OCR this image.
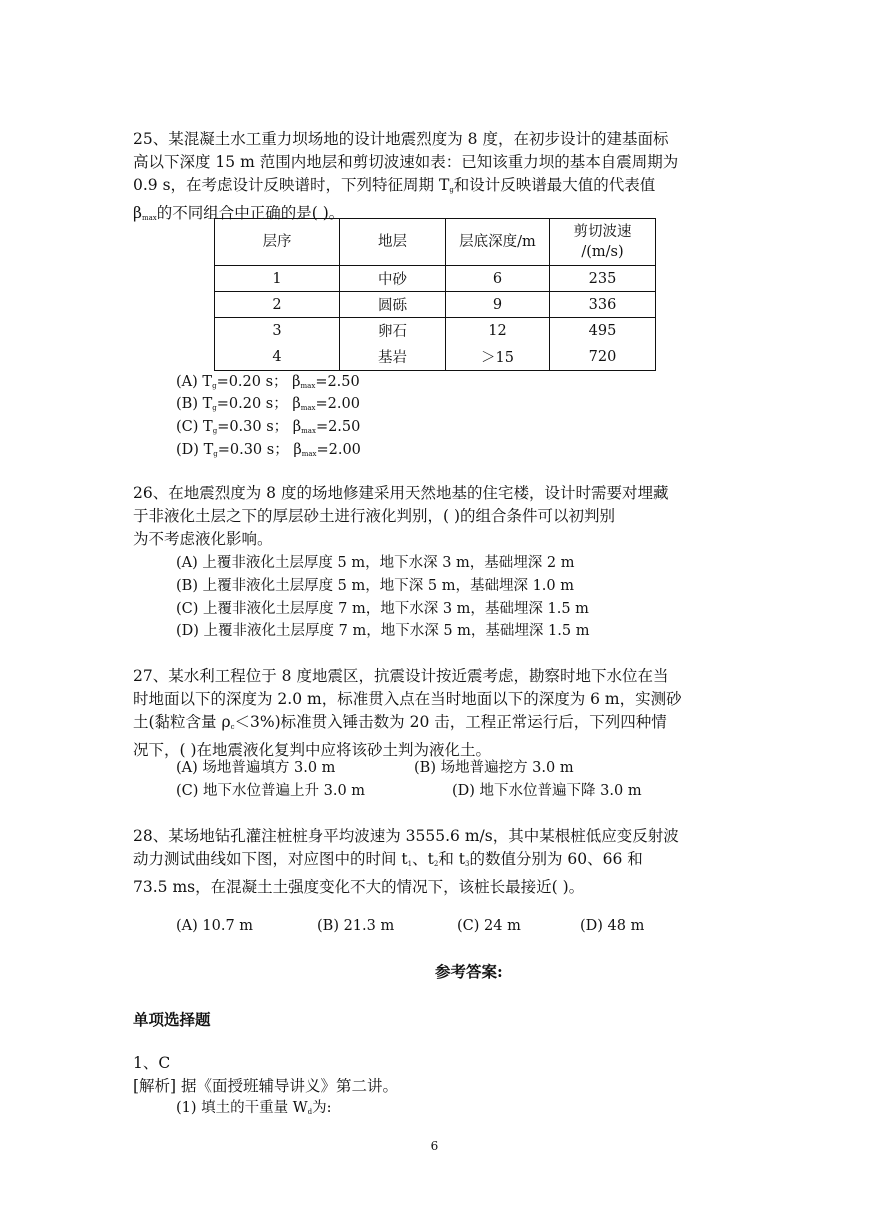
25、某混凝土水工重力坝场地的设计地震烈度为 8 度，在初步设计的建基面标

高以下深度 15 m 范围内地层和剪切波速如表：已知该重力坝的基本自震周期为

0.9 s，在考虑设计反映谱时，下列特征周期 $T_g$和设计反映谱最大值的代表值

$\beta_{max}$的不同组合中正确的是( )。

层序	地层	层底深度/m	剪切波速
/(m/s)
1	中砂	6	235
2	圆砾	9	336
3	卵石	12	495
4	基岩	＞15	720
(A) $T_g=0.20$ s； $\beta_{max}=2.50$
(B) $T_g=0.20$ s； $\beta_{max}=2.00$
(C) $T_g=0.30$ s； $\beta_{max}=2.50$
(D) $T_g=0.30$ s； $\beta_{max}=2.00$

26、在地震烈度为 8 度的场地修建采用天然地基的住宅楼，设计时需要对埋藏

于非液化土层之下的厚层砂土进行液化判别，( )的组合条件可以初判别

为不考虑液化影响。

(A) 上覆非液化土层厚度 5 m，地下水深 3 m，基础埋深 2 m
(B) 上覆非液化土层厚度 5 m，地下深 5 m，基础埋深 1.0 m
(C) 上覆非液化土层厚度 7 m，地下水深 3 m，基础埋深 1.5 m
(D) 上覆非液化土层厚度 7 m，地下水深 5 m，基础埋深 1.5 m

27、某水利工程位于 8 度地震区，抗震设计按近震考虑，勘察时地下水位在当

时地面以下的深度为 2.0 m，标准贯入点在当时地面以下的深度为 6 m，实测砂

土(黏粒含量 $\rho_c<3\%$)标准贯入锤击数为 20 击，工程正常运行后，下列四种情

况下，( )在地震液化复判中应将该砂土判为液化土。

(A) 场地普遍填方 3.0 m	(B) 场地普遍挖方 3.0 m
(C) 地下水位普遍上升 3.0 m	(D) 地下水位普遍下降 3.0 m

28、某场地钻孔灌注桩桩身平均波速为 3555.6 m/s，其中某根桩低应变反射波

动力测试曲线如下图，对应图中的时间 $t_1$、$t_2$和 $t_3$的数值分别为 60、66 和

73.5 ms，在混凝土土强度变化不大的情况下，该桩长最接近( )。

(A) 10.7 m	(B) 21.3 m	(C) 24 m	(D) 48 m
参考答案:
单项选择题

1、C

[解析] 据《面授班辅导讲义》第二讲。

(1) 填土的干重量 $W_d$为:
6
